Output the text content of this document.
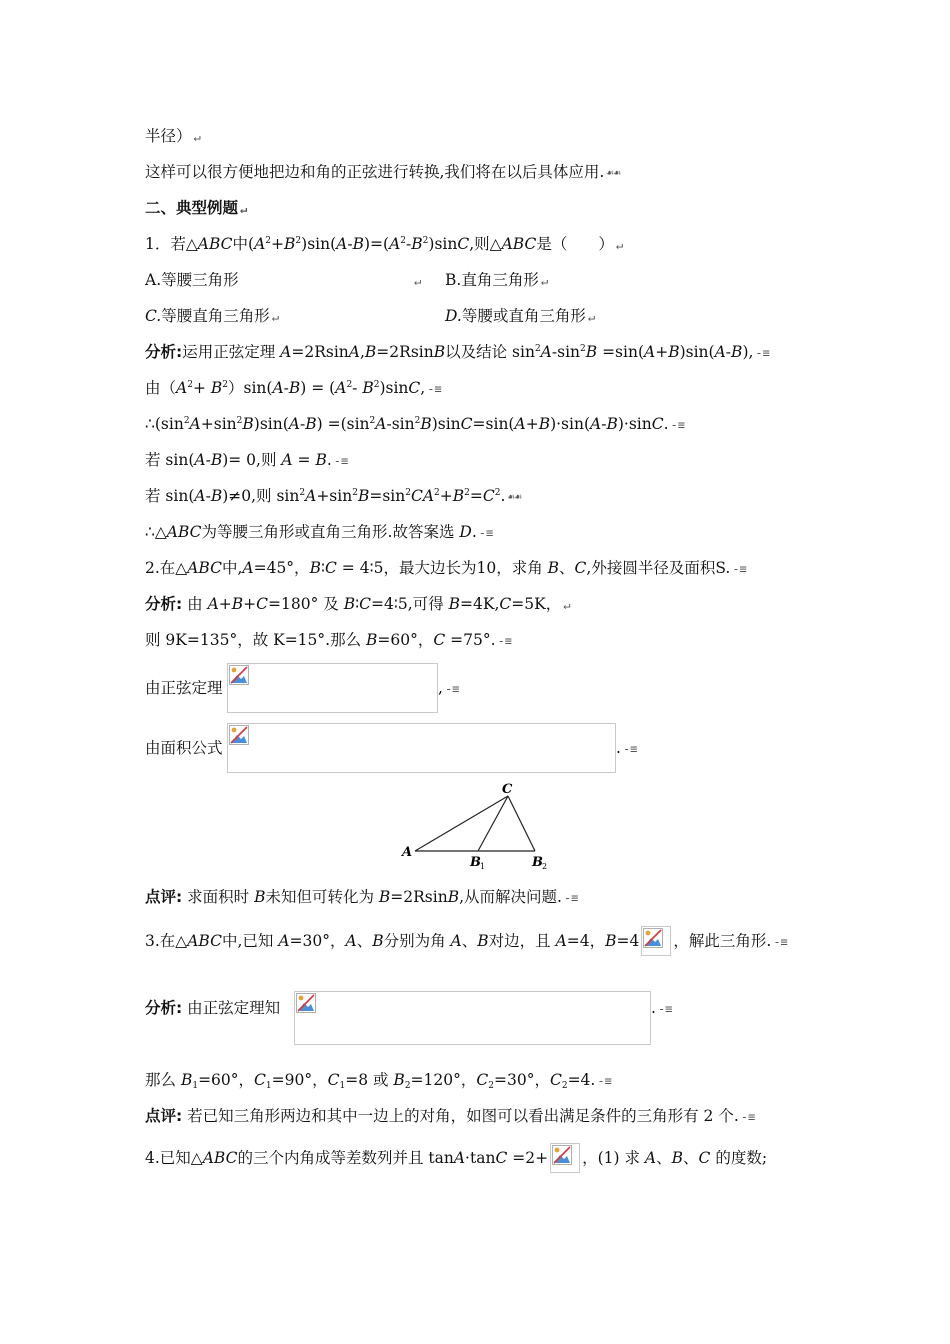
半径） ↵
这样可以很方便地把边和角的正弦进行转换,我们将在以后具体应用. ☙☙
二、典型例题 ↵
1．若△ABC中$(A^2+B^2)\sin(A-B)=(A^2-B^2)\sin C$,则△ABC是（　　） ↵
A.等腰三角形	↵ B.直角三角形 ↵
C.等腰直角三角形 ↵	D.等腰或直角三角形 ↵
分析:运用正弦定理 A=2RsinA,B=2RsinB以及结论 $\sin^2A-\sin^2B =\sin(A+B)\sin(A-B)$, -≡
由$(A^2+ B^2)\sin(A-B) = (A^2-$ $B^2)\sin C$, -≡
$\therefore(\sin^2A+\sin^2B)\sin(A-B) =(\sin^2A-\sin^2B)\sin C=\sin(A+B)\cdot\sin(A-B)\cdot\sin C$. -≡
若 sin(A-B)= 0,则 A = B. -≡
若 sin(A-B)≠0,则 $\sin^2A+\sin^2B=\sin^2CA^2+B^2=C^2$. ☙☙
∴△ABC为等腰三角形或直角三角形.故答案选 D. -≡
2.在△ABC中,A=45°，B∶C = 4∶5，最大边长为10，求角 B、C,外接圆半径及面积S. -≡
分析: 由 A+B+C=180° 及 B∶C=4∶5,可得 B=4K,C=5K， ↵
则 9K=135°，故 K=15°.那么 B=60°，C =75°. -≡
由正弦定理	, -≡
由面积公式	. -≡
A
C
B 1	B 2
点评: 求面积时 B未知但可转化为 B=2RsinB,从而解决问题. -≡
3.在△ABC中,已知 A=30°，A、B分别为角 A、B对边，且 A=4，B=4 ，解此三角形. -≡
分析: 由正弦定理知	. -≡
那么 $B_1=60^\circ$，$C_1=90^\circ$，$C_1=8$ 或 $B_2=120^\circ$，$C_2=30^\circ$，$C_2=4$. -≡
点评: 若已知三角形两边和其中一边上的对角，如图可以看出满足条件的三角形有 2 个. -≡
4.已知△ABC的三个内角成等差数列并且 tanA·tanC =2+ ，(1) 求 A、B、C 的度数;
